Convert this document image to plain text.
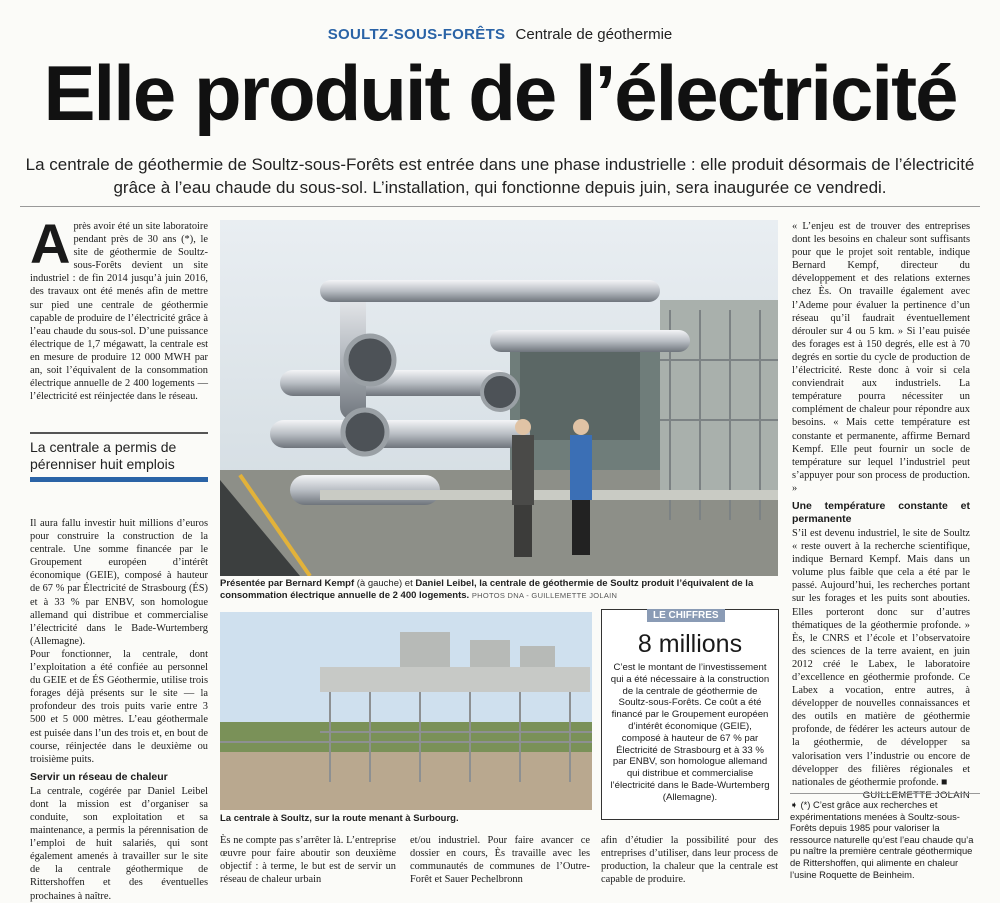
SOULTZ-SOUS-FORÊTS Centrale de géothermie
Elle produit de l’électricité
La centrale de géothermie de Soultz-sous-Forêts est entrée dans une phase industrielle : elle produit désormais de l’électricité grâce à l’eau chaude du sous-sol. L’installation, qui fonctionne depuis juin, sera inaugurée ce vendredi.
Après avoir été un site laboratoire pendant près de 30 ans (*), le site de géothermie de Soultz-sous-Forêts devient un site industriel : de fin 2014 jusqu’à juin 2016, des travaux ont été menés afin de mettre sur pied une centrale de géothermie capable de produire de l’électricité grâce à l’eau chaude du sous-sol. D’une puissance électrique de 1,7 mégawatt, la centrale est en mesure de produire 12 000 MWH par an, soit l’équivalent de la consommation électrique annuelle de 2 400 logements — l’électricité est réinjectée dans le réseau.
La centrale a permis de pérenniser huit emplois

Il aura fallu investir huit millions d’euros pour construire la construction de la centrale. Une somme financée par le Groupement européen d’intérêt économique (GEIE), composé à hauteur de 67 % par Électricité de Strasbourg (ÉS) et à 33 % par ENBV, son homologue allemand qui distribue et commercialise l’électricité dans le Bade-Wurtemberg (Allemagne).

Pour fonctionner, la centrale, dont l’exploitation a été confiée au personnel du GEIE et de ÉS Géothermie, utilise trois forages déjà présents sur le site — la profondeur des trois puits varie entre 3 500 et 5 000 mètres. L’eau géothermale est puisée dans l’un des trois et, en bout de course, réinjectée dans le deuxième ou troisième puits.

Servir un réseau de chaleur

La centrale, cogérée par Daniel Leibel dont la mission est d’organiser sa conduite, son exploitation et sa maintenance, a permis la pérennisation de l’emploi de huit salariés, qui sont également amenés à travailler sur le site de la centrale géothermique de Rittershoffen et des éventuelles prochaines à naître.

Présentée par Bernard Kempf (à gauche) et Daniel Leibel, la centrale de géothermie de Soultz produit l’équivalent de la consommation électrique annuelle de 2 400 logements. PHOTOS DNA - GUILLEMETTE JOLAIN
La centrale à Soultz, sur la route menant à Surbourg.
LE CHIFFRES
8 millions
C’est le montant de l’investissement qui a été nécessaire à la construction de la centrale de géothermie de Soultz-sous-Forêts. Ce coût a été financé par le Groupement européen d’intérêt économique (GEIE), composé à hauteur de 67 % par Électricité de Strasbourg et à 33 % par ENBV, son homologue allemand qui distribue et commercialise l’électricité dans le Bade-Wurtemberg (Allemagne).
Ès ne compte pas s’arrêter là. L’entreprise œuvre pour faire aboutir son deuxième objectif : à terme, le but est de servir un réseau de chaleur urbain
et/ou industriel. Pour faire avancer ce dossier en cours, Ès travaille avec les communautés de communes de l’Outre-Forêt et Sauer Pechelbronn
afin d’étudier la possibilité pour des entreprises d’utiliser, dans leur process de production, la chaleur que la centrale est capable de produire.

« L’enjeu est de trouver des entreprises dont les besoins en chaleur sont suffisants pour que le projet soit rentable, indique Bernard Kempf, directeur du développement et des relations externes chez Ès. On travaille également avec l’Ademe pour évaluer la pertinence d’un réseau qu’il faudrait éventuellement dérouler sur 4 ou 5 km. » Si l’eau puisée des forages est à 150 degrés, elle est à 70 degrés en sortie du cycle de production de l’électricité. Reste donc à voir si cela conviendrait aux industriels. La température pourra nécessiter un complément de chaleur pour répondre aux besoins. « Mais cette température est constante et permanente, affirme Bernard Kempf. Elle peut fournir un socle de température sur lequel l’industriel peut s’appuyer pour son process de production. »

Une température constante et permanente

S’il est devenu industriel, le site de Soultz « reste ouvert à la recherche scientifique, indique Bernard Kempf. Mais dans un volume plus faible que cela a été par le passé. Aujourd’hui, les recherches portant sur les forages et les puits sont abouties. Elles porteront donc sur d’autres thématiques de la géothermie profonde. » Ès, le CNRS et l’école et l’observatoire des sciences de la terre avaient, en juin 2012 créé le Labex, le laboratoire d’excellence en géothermie profonde. Ce Labex a vocation, entre autres, à développer de nouvelles connaissances et des outils en matière de géothermie profonde, de fédérer les acteurs autour de la géothermie, de développer sa valorisation vers l’industrie ou encore de développer des filières régionales et nationales de géothermie profonde. ■

GUILLEMETTE JOLAIN
➧ (*) C’est grâce aux recherches et expérimentations menées à Soultz-sous-Forêts depuis 1985 pour valoriser la ressource naturelle qu’est l’eau chaude qu’a pu naître la première centrale géothermique de Rittershoffen, qui alimente en chaleur l’usine Roquette de Beinheim.
